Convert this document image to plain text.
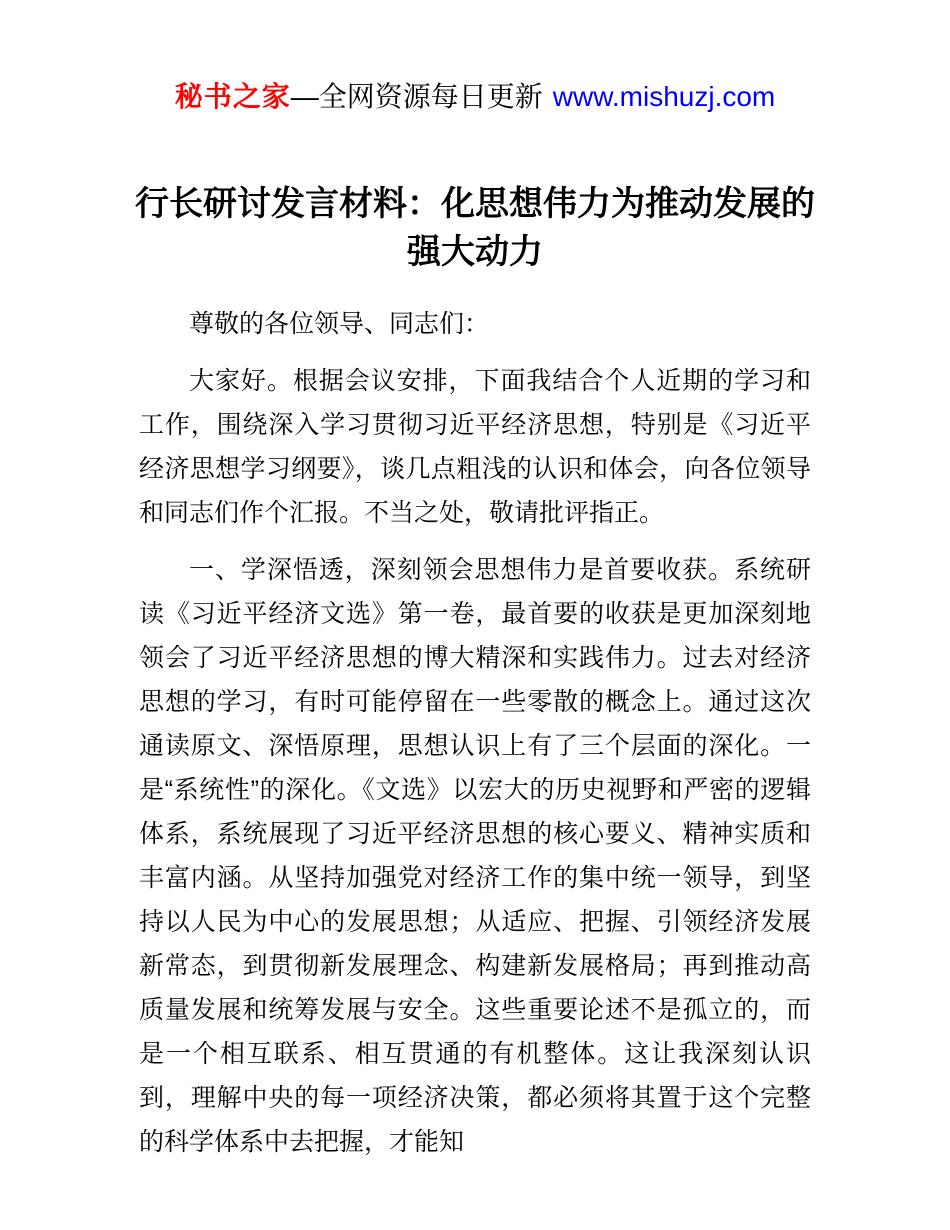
秘书之家—全网资源每日更新 www.mishuzj.com
行长研讨发言材料：化思想伟力为推动发展的强大动力

尊敬的各位领导、同志们：

大家好。根据会议安排，下面我结合个人近期的学习和工作，围绕深入学习贯彻习近平经济思想，特别是《习近平经济思想学习纲要》，谈几点粗浅的认识和体会，向各位领导和同志们作个汇报。不当之处，敬请批评指正。

一、学深悟透，深刻领会思想伟力是首要收获。系统研读《习近平经济文选》第一卷，最首要的收获是更加深刻地领会了习近平经济思想的博大精深和实践伟力。过去对经济思想的学习，有时可能停留在一些零散的概念上。通过这次通读原文、深悟原理，思想认识上有了三个层面的深化。一是“系统性”的深化。《文选》以宏大的历史视野和严密的逻辑体系，系统展现了习近平经济思想的核心要义、精神实质和丰富内涵。从坚持加强党对经济工作的集中统一领导，到坚持以人民为中心的发展思想；从适应、把握、引领经济发展新常态，到贯彻新发展理念、构建新发展格局；再到推动高质量发展和统筹发展与安全。这些重要论述不是孤立的，而是一个相互联系、相互贯通的有机整体。这让我深刻认识到，理解中央的每一项经济决策，都必须将其置于这个完整的科学体系中去把握，才能知
